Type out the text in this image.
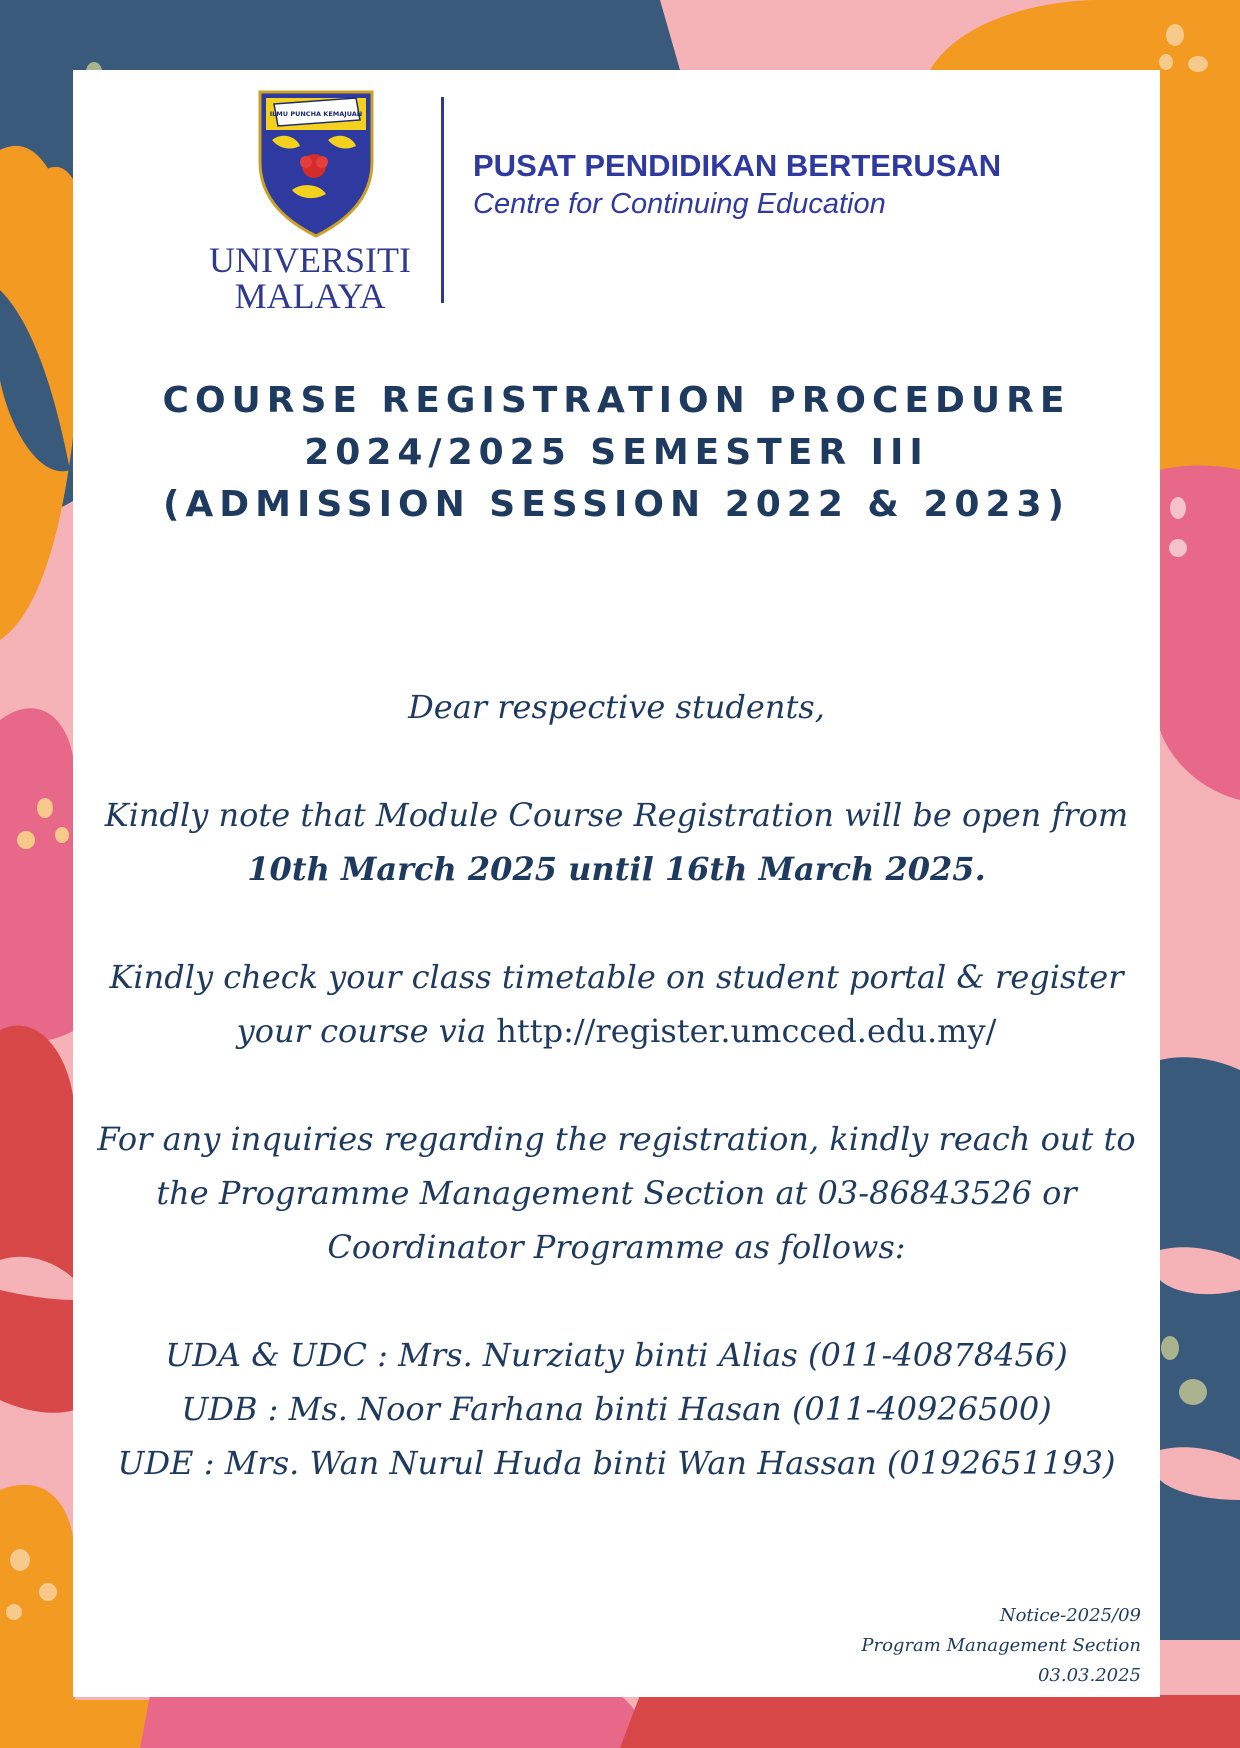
ILMU PUNCHA KEMAJUAN
UNIVERSITI
MALAYA
PUSAT PENDIDIKAN BERTERUSAN
Centre for Continuing Education
COURSE REGISTRATION PROCEDURE
2024/2025 SEMESTER III
(ADMISSION SESSION 2022 & 2023)

Dear respective students,

Kindly note that Module Course Registration will be open from 10th March 2025 until 16th March 2025.

Kindly check your class timetable on student portal & register your course via http://register.umcced.edu.my/

For any inquiries regarding the registration, kindly reach out to the Programme Management Section at 03-86843526 or Coordinator Programme as follows:

UDA & UDC : Mrs. Nurziaty binti Alias (011-40878456)
UDB : Ms. Noor Farhana binti Hasan (011-40926500)
UDE : Mrs. Wan Nurul Huda binti Wan Hassan (0192651193)

Notice-2025/09
Program Management Section
03.03.2025
